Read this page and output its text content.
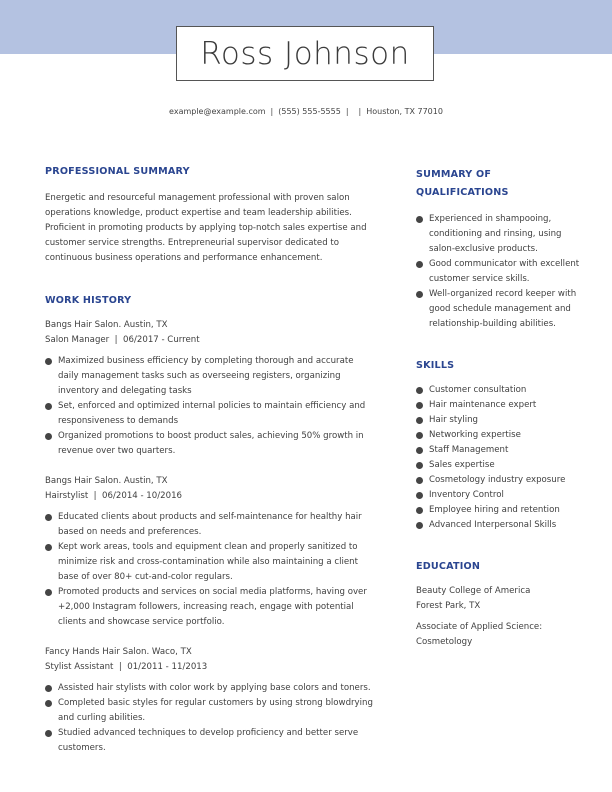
Ross Johnson
example@example.com | (555) 555-5555 | | Houston, TX 77010
PROFESSIONAL SUMMARY

Energetic and resourceful management professional with proven salon operations knowledge, product expertise and team leadership abilities. Proficient in promoting products by applying top-notch sales expertise and customer service strengths. Entrepreneurial supervisor dedicated to continuous business operations and performance enhancement.

WORK HISTORY

Bangs Hair Salon. Austin, TX

Salon Manager  |  06/2017 - Current

Maximized business efficiency by completing thorough and accurate daily management tasks such as overseeing registers, organizing inventory and delegating tasks
Set, enforced and optimized internal policies to maintain efficiency and responsiveness to demands
Organized promotions to boost product sales, achieving 50% growth in revenue over two quarters.

Bangs Hair Salon. Austin, TX

Hairstylist  |  06/2014 - 10/2016

Educated clients about products and self-maintenance for healthy hair based on needs and preferences.
Kept work areas, tools and equipment clean and properly sanitized to minimize risk and cross-contamination while also maintaining a client base of over 80+ cut-and-color regulars.
Promoted products and services on social media platforms, having over +2,000 Instagram followers, increasing reach, engage with potential clients and showcase service portfolio.

Fancy Hands Hair Salon. Waco, TX

Stylist Assistant  |  01/2011 - 11/2013

Assisted hair stylists with color work by applying base colors and toners.
Completed basic styles for regular customers by using strong blowdrying and curling abilities.
Studied advanced techniques to develop proficiency and better serve customers.
SUMMARY OF
QUALIFICATIONS
Experienced in shampooing, conditioning and rinsing, using salon-exclusive products.
Good communicator with excellent customer service skills.
Well-organized record keeper with good schedule management and relationship-building abilities.
SKILLS
Customer consultation
Hair maintenance expert
Hair styling
Networking expertise
Staff Management
Sales expertise
Cosmetology industry exposure
Inventory Control
Employee hiring and retention
Advanced Interpersonal Skills
EDUCATION

Beauty College of America

Forest Park, TX

Associate of Applied Science: Cosmetology
